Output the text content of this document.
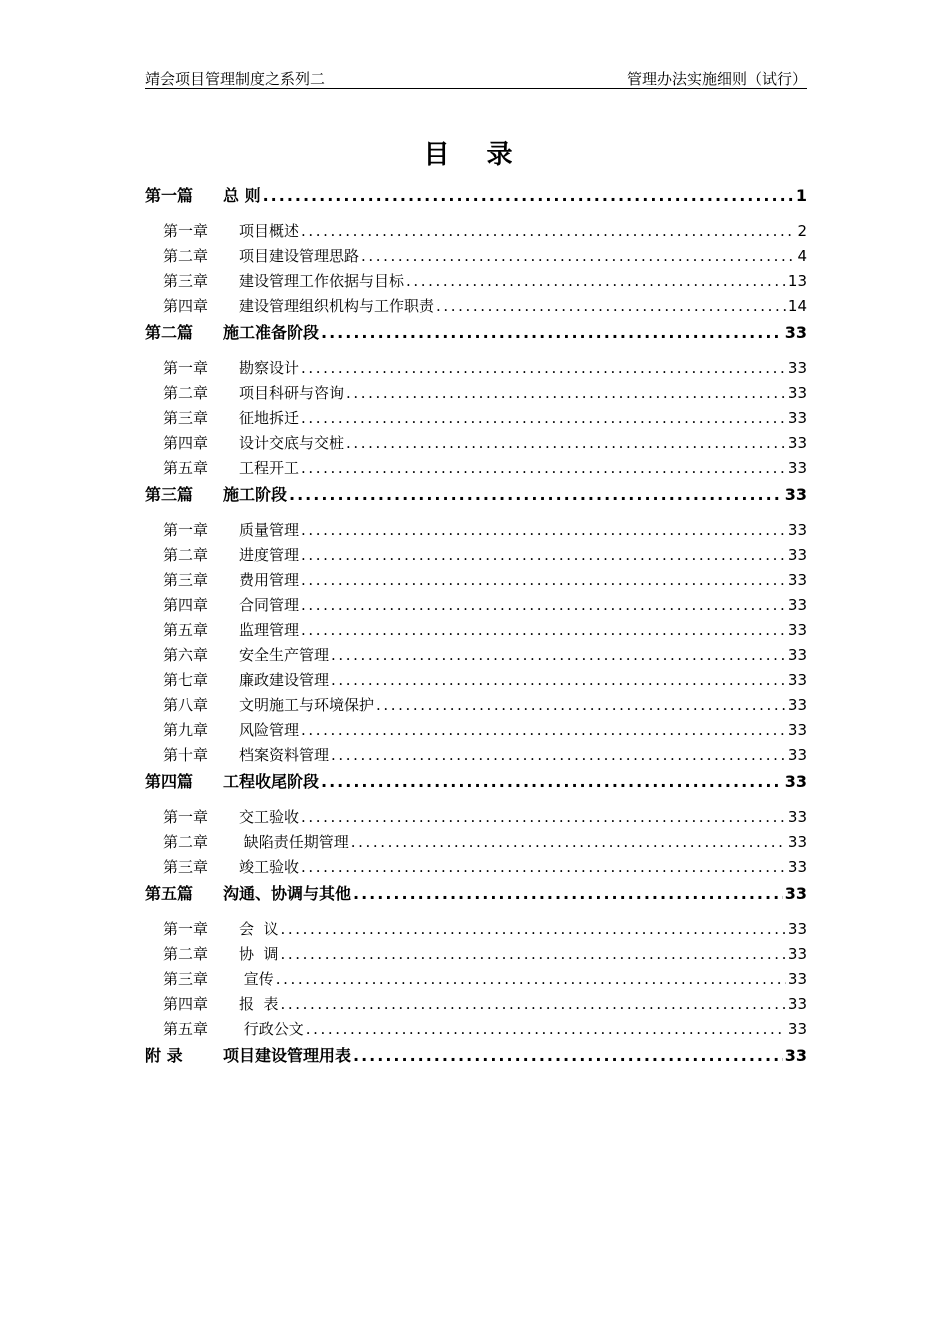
靖会项目管理制度之系列二	管理办法实施细则（试行）
目 录
第一篇	总 则 .....	1
第一章	项目概述 .....	2
第二章	项目建设管理思路 .....	4
第三章	建设管理工作依据与目标 .....	13
第四章	建设管理组织机构与工作职责 .....	14
第二篇	施工准备阶段 .....	33
第一章	勘察设计 .....	33
第二章	项目科研与咨询 .....	33
第三章	征地拆迁 .....	33
第四章	设计交底与交桩 .....	33
第五章	工程开工 .....	33
第三篇	施工阶段 .....	33
第一章	质量管理 .....	33
第二章	进度管理 .....	33
第三章	费用管理 .....	33
第四章	合同管理 .....	33
第五章	监理管理 .....	33
第六章	安全生产管理 .....	33
第七章	廉政建设管理 .....	33
第八章	文明施工与环境保护 .....	33
第九章	风险管理 .....	33
第十章	档案资料管理 .....	33
第四篇	工程收尾阶段 .....	33
第一章	交工验收 .....	33
第二章	缺陷责任期管理 .....	33
第三章	竣工验收 .....	33
第五篇	沟通、协调与其他 .....	33
第一章	会  议 .....	33
第二章	协  调 .....	33
第三章	宣传 .....	33
第四章	报  表 .....	33
第五章	行政公文 .....	33
附 录	项目建设管理用表 .....	33
